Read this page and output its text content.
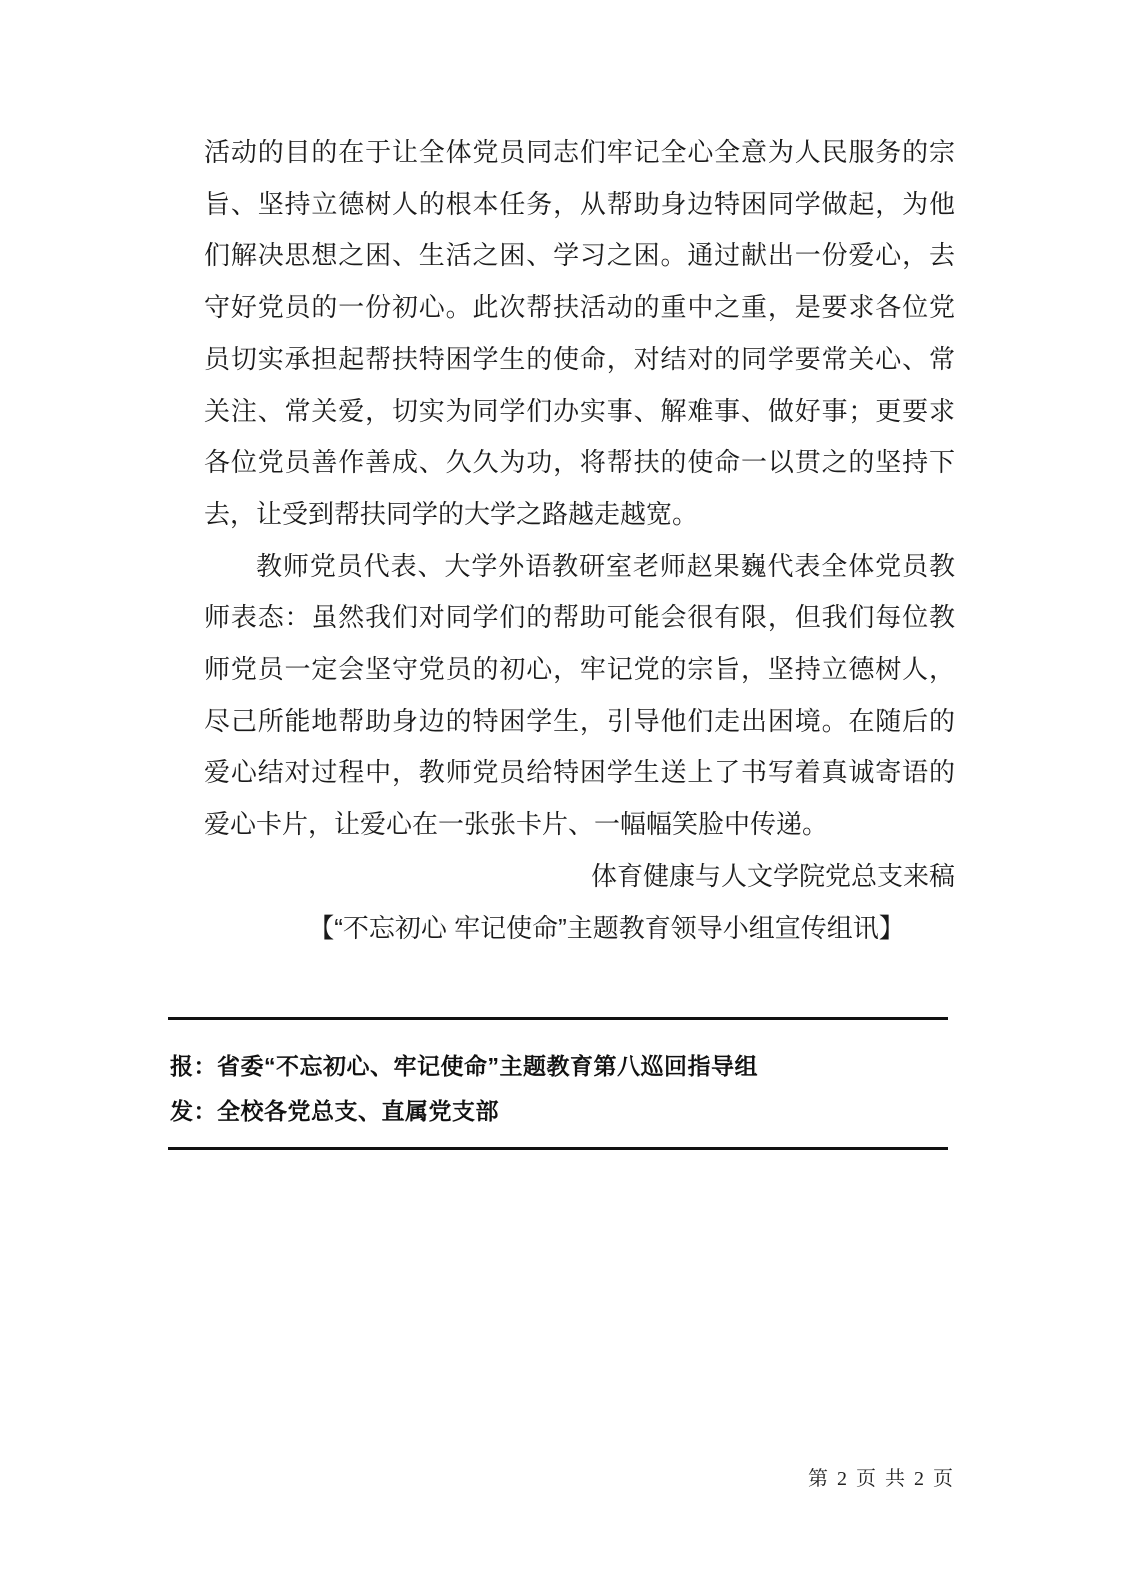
活动的目的在于让全体党员同志们牢记全心全意为人民服务的宗
旨、坚持立德树人的根本任务，从帮助身边特困同学做起，为他
们解决思想之困、生活之困、学习之困。通过献出一份爱心，去
守好党员的一份初心。此次帮扶活动的重中之重，是要求各位党
员切实承担起帮扶特困学生的使命，对结对的同学要常关心、常
关注、常关爱，切实为同学们办实事、解难事、做好事；更要求
各位党员善作善成、久久为功，将帮扶的使命一以贯之的坚持下
去，让受到帮扶同学的大学之路越走越宽。
教师党员代表、大学外语教研室老师赵果巍代表全体党员教
师表态：虽然我们对同学们的帮助可能会很有限，但我们每位教
师党员一定会坚守党员的初心，牢记党的宗旨，坚持立德树人，
尽己所能地帮助身边的特困学生，引导他们走出困境。在随后的
爱心结对过程中，教师党员给特困学生送上了书写着真诚寄语的
爱心卡片，让爱心在一张张卡片、一幅幅笑脸中传递。
体育健康与人文学院党总支来稿
【“不忘初心 牢记使命”主题教育领导小组宣传组讯】
报：省委“不忘初心、牢记使命”主题教育第八巡回指导组
发：全校各党总支、直属党支部
第 2 页 共 2 页
